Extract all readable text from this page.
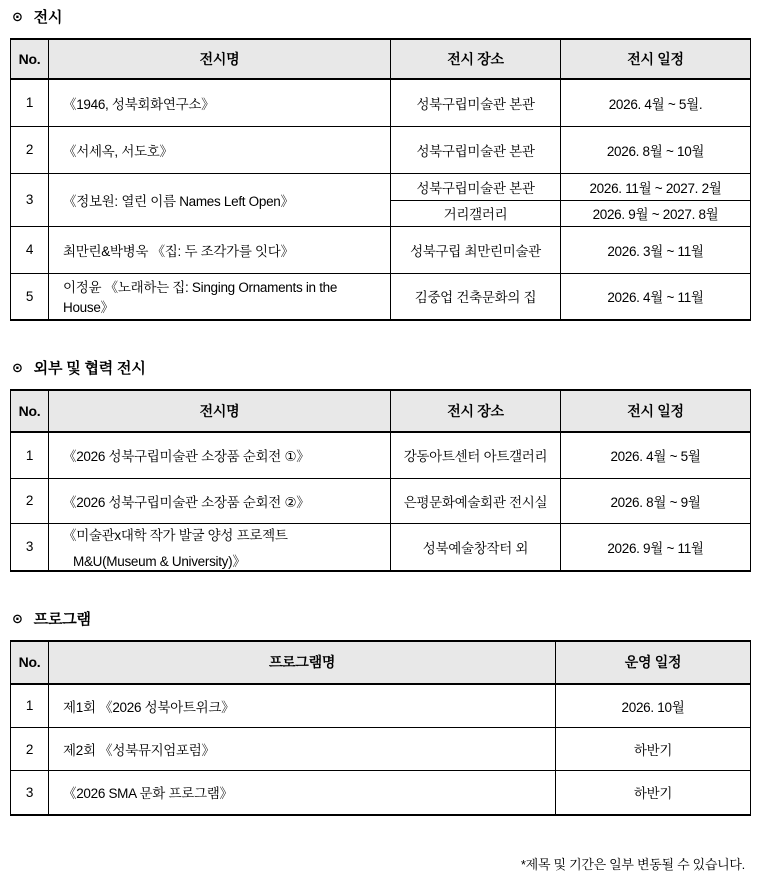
⊙ 전시
No.	전시명	전시 장소	전시 일정
1	《1946, 성북회화연구소》	성북구립미술관 본관	2026. 4월 ~ 5월.
2	《서세옥, 서도호》	성북구립미술관 본관	2026. 8월 ~ 10월
3	《정보원: 열린 이름 Names Left Open》	성북구립미술관 본관	2026. 11월 ~ 2027. 2월
		거리갤러리	2026. 9월 ~ 2027. 8월
4	최만린&박병욱 《집: 두 조각가를 잇다》	성북구립 최만린미술관	2026. 3월 ~ 11월
5	이정윤 《노래하는 집: Singing Ornaments in the House》	김중업 건축문화의 집	2026. 4월 ~ 11월
⊙ 외부 및 협력 전시
No.	전시명	전시 장소	전시 일정
1	《2026 성북구립미술관 소장품 순회전 ①》	강동아트센터 아트갤러리	2026. 4월 ~ 5월
2	《2026 성북구립미술관 소장품 순회전 ②》	은평문화예술회관 전시실	2026. 8월 ~ 9월
3	《미술관x대학 작가 발굴 양성 프로젝트
M&U(Museum & University)》	성북예술창작터 외	2026. 9월 ~ 11월
⊙ 프로그램
No.	프로그램명	운영 일정
1	제1회 《2026 성북아트위크》	2026. 10월
2	제2회 《성북뮤지엄포럼》	하반기
3	《2026 SMA 문화 프로그램》	하반기
*제목 및 기간은 일부 변동될 수 있습니다.
